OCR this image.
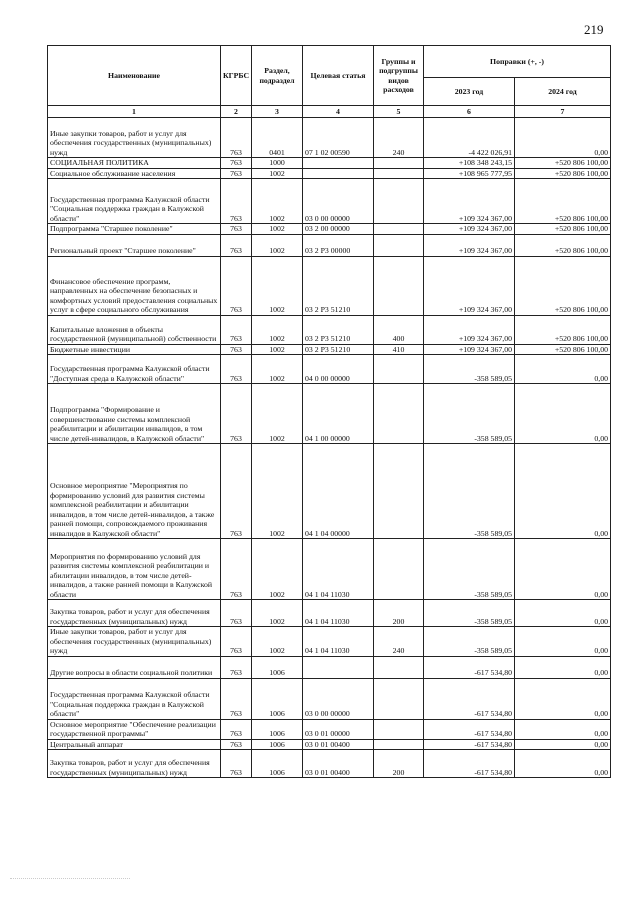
219
Наименование	КГРБС	Раздел, подраздел	Целевая статья	Группы и подгруппы видов расходов	Поправки (+, -)	
					2023 год	2024 год
1	2	3	4	5	6	7
Иные закупки товаров, работ и услуг для обеспечения государственных (муниципальных) нужд	763	0401	07 1 02 00590	240	-4 422 026,91	0,00
СОЦИАЛЬНАЯ ПОЛИТИКА	763	1000			+108 348 243,15	+520 806 100,00
Социальное обслуживание населения	763	1002			+108 965 777,95	+520 806 100,00
Государственная программа Калужской области "Социальная поддержка граждан в Калужской области"	763	1002	03 0 00 00000		+109 324 367,00	+520 806 100,00
Подпрограмма "Старшее поколение"	763	1002	03 2 00 00000		+109 324 367,00	+520 806 100,00
Региональный проект "Старшее поколение"	763	1002	03 2 P3 00000		+109 324 367,00	+520 806 100,00
Финансовое обеспечение программ, направленных на обеспечение безопасных и комфортных условий предоставления социальных услуг в сфере социального обслуживания	763	1002	03 2 P3 51210		+109 324 367,00	+520 806 100,00
Капитальные вложения в объекты государственной (муниципальной) собственности	763	1002	03 2 P3 51210	400	+109 324 367,00	+520 806 100,00
Бюджетные инвестиции	763	1002	03 2 P3 51210	410	+109 324 367,00	+520 806 100,00
Государственная программа Калужской области "Доступная среда в Калужской области"	763	1002	04 0 00 00000		-358 589,05	0,00
Подпрограмма "Формирование и совершенствование системы комплексной реабилитации и абилитации инвалидов, в том числе детей-инвалидов, в Калужской области"	763	1002	04 1 00 00000		-358 589,05	0,00
Основное мероприятие "Мероприятия по формированию условий для развития системы комплексной реабилитации и абилитации инвалидов, в том числе детей-инвалидов, а также ранней помощи, сопровождаемого проживания инвалидов в Калужской области"	763	1002	04 1 04 00000		-358 589,05	0,00
Мероприятия по формированию условий для развития системы комплексной реабилитации и абилитации инвалидов, в том числе детей-инвалидов, а также ранней помощи в Калужской области	763	1002	04 1 04 11030		-358 589,05	0,00
Закупка товаров, работ и услуг для обеспечения государственных (муниципальных) нужд	763	1002	04 1 04 11030	200	-358 589,05	0,00
Иные закупки товаров, работ и услуг для обеспечения государственных (муниципальных) нужд	763	1002	04 1 04 11030	240	-358 589,05	0,00
Другие вопросы в области социальной политики	763	1006			-617 534,80	0,00
Государственная программа Калужской области "Социальная поддержка граждан в Калужской области"	763	1006	03 0 00 00000		-617 534,80	0,00
Основное мероприятие "Обеспечение реализации государственной программы"	763	1006	03 0 01 00000		-617 534,80	0,00
Центральный аппарат	763	1006	03 0 01 00400		-617 534,80	0,00
Закупка товаров, работ и услуг для обеспечения государственных (муниципальных) нужд	763	1006	03 0 01 00400	200	-617 534,80	0,00
